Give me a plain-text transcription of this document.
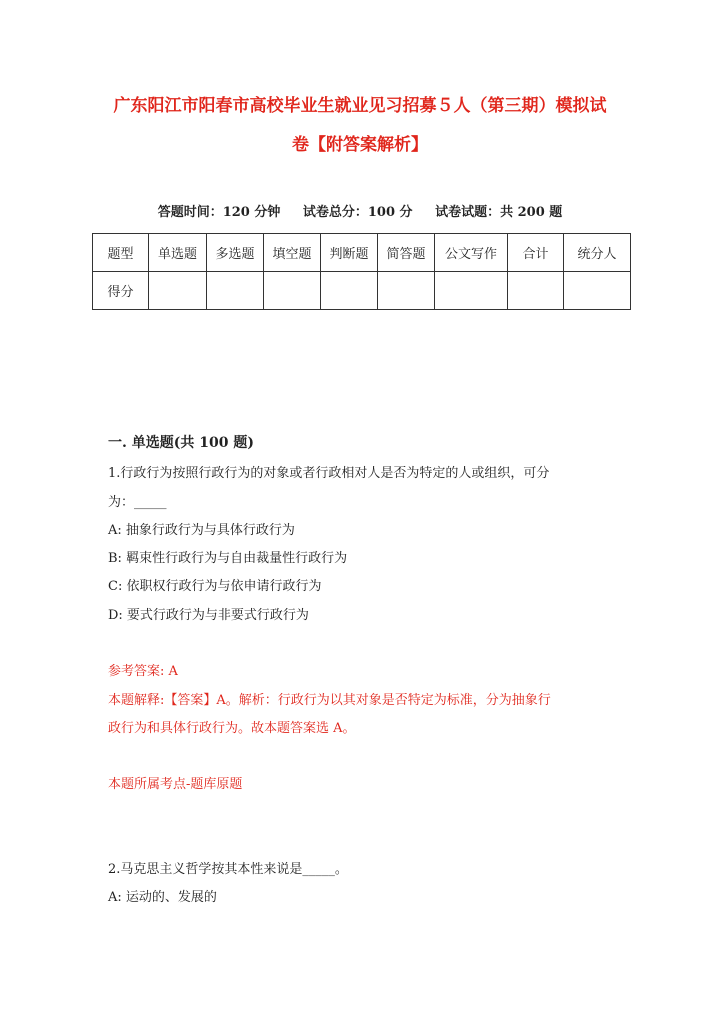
广东阳江市阳春市高校毕业生就业见习招募５人（第三期）模拟试
卷【附答案解析】
答题时间：120 分钟 试卷总分：100 分 试卷试题：共 200 题
题型	单选题	多选题	填空题	判断题	简答题	公文写作	合计	统分人
得分								
一. 单选题(共 100 题)
1.行政行为按照行政行为的对象或者行政相对人是否为特定的人或组织，可分
为：_____
A: 抽象行政行为与具体行政行为
B: 羁束性行政行为与自由裁量性行政行为
C: 依职权行政行为与依申请行政行为
D: 要式行政行为与非要式行政行为
参考答案: A
本题解释:【答案】A。解析：行政行为以其对象是否特定为标准，分为抽象行
政行为和具体行政行为。故本题答案选 A。
本题所属考点-题库原题
2.马克思主义哲学按其本性来说是_____。
A: 运动的、发展的
